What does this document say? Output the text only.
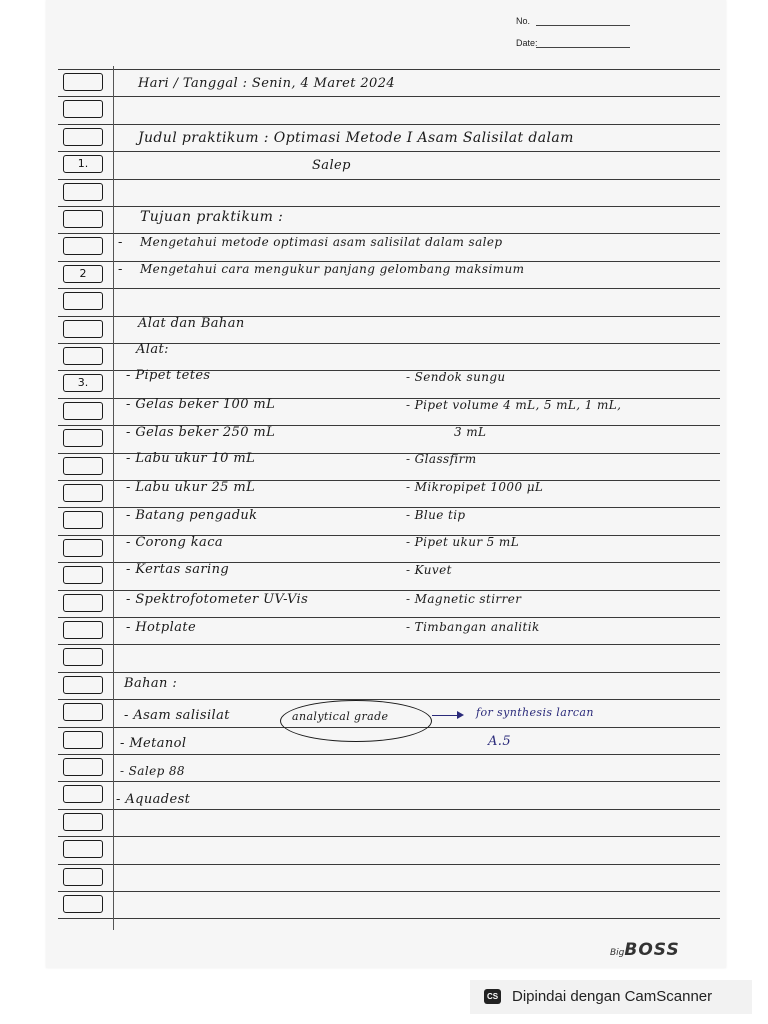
No.
Date:
1.
2
3.
Hari / Tanggal : Senin, 4 Maret 2024
Judul praktikum : Optimasi Metode I Asam Salisilat dalam
Salep
Tujuan praktikum :
- Mengetahui metode optimasi asam salisilat dalam salep
- Mengetahui cara mengukur panjang gelombang maksimum
Alat dan Bahan
Alat:
- Pipet tetes
- Gelas beker 100 mL
- Gelas beker 250 mL
- Labu ukur 10 mL
- Labu ukur 25 mL
- Batang pengaduk
- Corong kaca
- Kertas saring
- Spektrofotometer UV-Vis
- Hotplate
- Sendok sungu
- Pipet volume 4 mL, 5 mL, 1 mL,
3 mL
- Glassfirm
- Mikropipet 1000 μL
- Blue tip
- Pipet ukur 5 mL
- Kuvet
- Magnetic stirrer
- Timbangan analitik
Bahan :
- Asam salisilat	analytical grade	for synthesis larcan
A.5
- Metanol
- Salep 88
- Aquadest
BigBOSS
CS Dipindai dengan CamScanner
